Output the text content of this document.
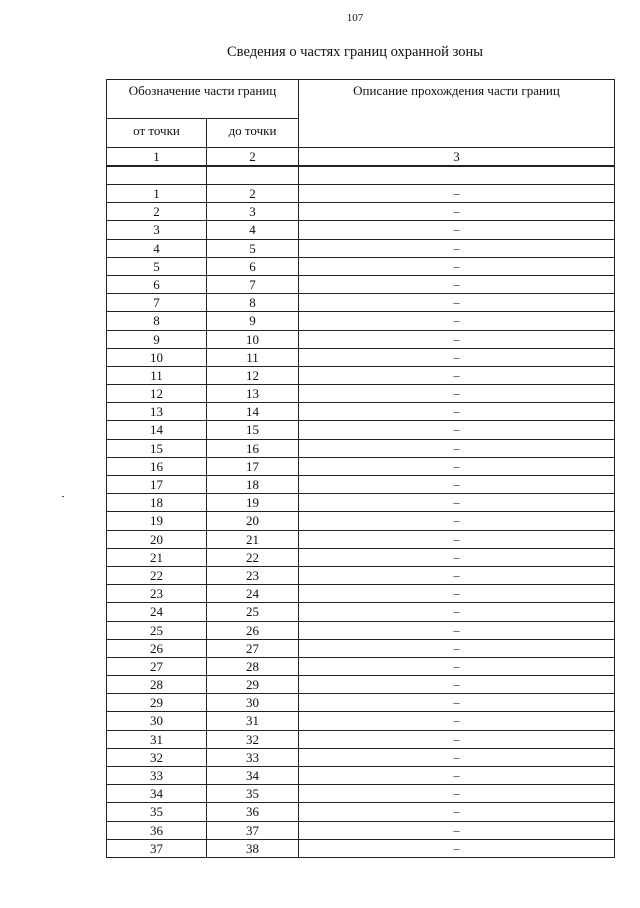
107
Сведения о частях границ охранной зоны
Обозначение части границ		Описание прохождения части границ
от точки	до точки	
1	2	3

1	2	–
2	3	–
3	4	–
4	5	–
5	6	–
6	7	–
7	8	–
8	9	–
9	10	–
10	11	–
11	12	–
12	13	–
13	14	–
14	15	–
15	16	–
16	17	–
17	18	–
18	19	–
19	20	–
20	21	–
21	22	–
22	23	–
23	24	–
24	25	–
25	26	–
26	27	–
27	28	–
28	29	–
29	30	–
30	31	–
31	32	–
32	33	–
33	34	–
34	35	–
35	36	–
36	37	–
37	38	–
